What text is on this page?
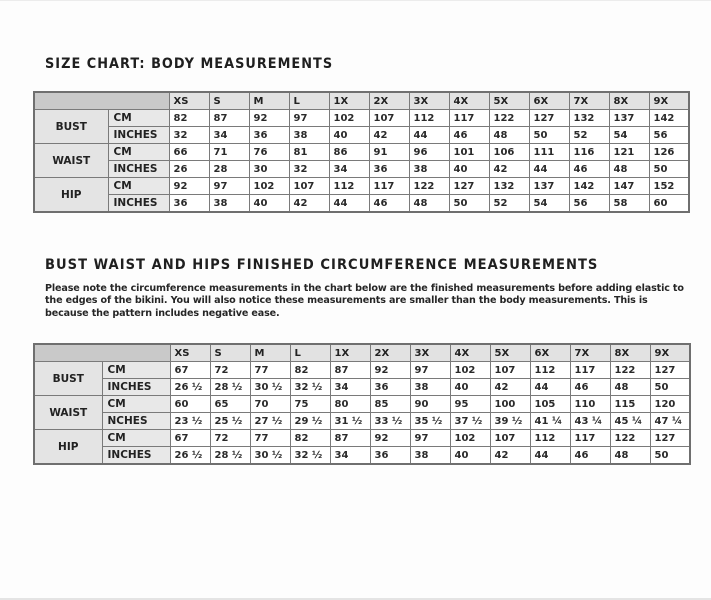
SIZE CHART: BODY MEASUREMENTS
		XS	S	M	L	1X	2X	3X	4X	5X	6X	7X	8X	9X
BUST	CM	82	87	92	97	102	107	112	117	122	127	132	137	142
	INCHES	32	34	36	38	40	42	44	46	48	50	52	54	56
WAIST	CM	66	71	76	81	86	91	96	101	106	111	116	121	126
	INCHES	26	28	30	32	34	36	38	40	42	44	46	48	50
HIP	CM	92	97	102	107	112	117	122	127	132	137	142	147	152
	INCHES	36	38	40	42	44	46	48	50	52	54	56	58	60
BUST WAIST AND HIPS FINISHED CIRCUMFERENCE MEASUREMENTS

Please note the circumference measurements in the chart below are the finished measurements before adding elastic to the edges of the bikini. You will also notice these measurements are smaller than the body measurements. This is because the pattern includes negative ease.

		XS	S	M	L	1X	2X	3X	4X	5X	6X	7X	8X	9X
BUST	CM	67	72	77	82	87	92	97	102	107	112	117	122	127
	INCHES	26 ½	28 ½	30 ½	32 ½	34	36	38	40	42	44	46	48	50
WAIST	CM	60	65	70	75	80	85	90	95	100	105	110	115	120
	NCHES	23 ½	25 ½	27 ½	29 ½	31 ½	33 ½	35 ½	37 ½	39 ½	41 ¼	43 ¼	45 ¼	47 ¼
HIP	CM	67	72	77	82	87	92	97	102	107	112	117	122	127
	INCHES	26 ½	28 ½	30 ½	32 ½	34	36	38	40	42	44	46	48	50
